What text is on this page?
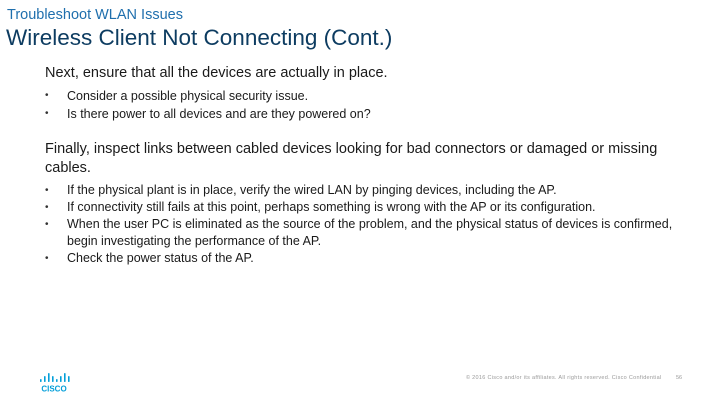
Troubleshoot WLAN Issues
Wireless Client Not Connecting (Cont.)

Next, ensure that all the devices are actually in place.

• Consider a possible physical security issue.
• Is there power to all devices and are they powered on?

Finally, inspect links between cabled devices looking for bad connectors or damaged or missing cables.

• If the physical plant is in place, verify the wired LAN by pinging devices, including the AP.
• If connectivity still fails at this point, perhaps something is wrong with the AP or its configuration.
• When the user PC is eliminated as the source of the problem, and the physical status of devices is confirmed, begin investigating the performance of the AP.
• Check the power status of the AP.
CISCO
© 2016 Cisco and/or its affiliates. All rights reserved. Cisco Confidential	56
